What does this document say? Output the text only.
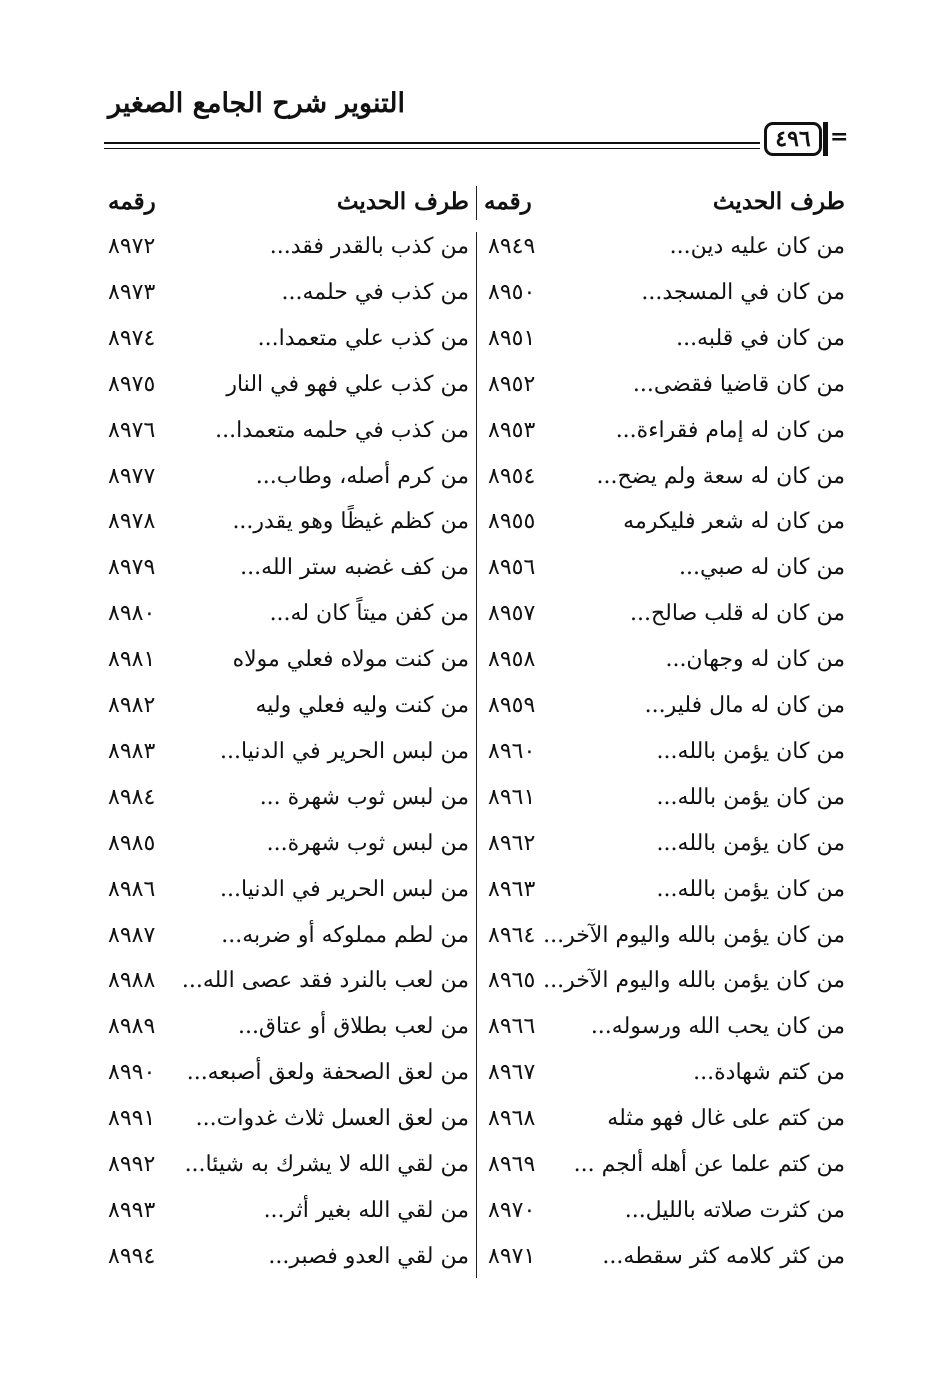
التنوير شرح الجامع الصغير
٤٩٦ =
طرف الحديث
رقمه
طرف الحديث
رقمه
من كان عليه دين...
٨٩٤٩
من كذب بالقدر فقد...
٨٩٧٢
من كان في المسجد...
٨٩٥٠
من كذب في حلمه...
٨٩٧٣
من كان في قلبه...
٨٩٥١
من كذب علي متعمدا...
٨٩٧٤
من كان قاضيا فقضى...
٨٩٥٢
من كذب علي فهو في النار
٨٩٧٥
من كان له إمام فقراءة...
٨٩٥٣
من كذب في حلمه متعمدا...
٨٩٧٦
من كان له سعة ولم يضح...
٨٩٥٤
من كرم أصله، وطاب...
٨٩٧٧
من كان له شعر فليكرمه
٨٩٥٥
من كظم غيظًا وهو يقدر...
٨٩٧٨
من كان له صبي...
٨٩٥٦
من كف غضبه ستر الله...
٨٩٧٩
من كان له قلب صالح...
٨٩٥٧
من كفن ميتاً كان له...
٨٩٨٠
من كان له وجهان...
٨٩٥٨
من كنت مولاه فعلي مولاه
٨٩٨١
من كان له مال فلير...
٨٩٥٩
من كنت وليه فعلي وليه
٨٩٨٢
من كان يؤمن بالله...
٨٩٦٠
من لبس الحرير في الدنيا...
٨٩٨٣
من كان يؤمن بالله...
٨٩٦١
من لبس ثوب شهرة ...
٨٩٨٤
من كان يؤمن بالله...
٨٩٦٢
من لبس ثوب شهرة...
٨٩٨٥
من كان يؤمن بالله...
٨٩٦٣
من لبس الحرير في الدنيا...
٨٩٨٦
من كان يؤمن بالله واليوم الآخر...
٨٩٦٤
من لطم مملوكه أو ضربه...
٨٩٨٧
من كان يؤمن بالله واليوم الآخر...
٨٩٦٥
من لعب بالنرد فقد عصى الله...
٨٩٨٨
من كان يحب الله ورسوله...
٨٩٦٦
من لعب بطلاق أو عتاق...
٨٩٨٩
من كتم شهادة...
٨٩٦٧
من لعق الصحفة ولعق أصبعه...
٨٩٩٠
من كتم على غال فهو مثله
٨٩٦٨
من لعق العسل ثلاث غدوات...
٨٩٩١
من كتم علما عن أهله ألجم ...
٨٩٦٩
من لقي الله لا يشرك به شيئا...
٨٩٩٢
من كثرت صلاته بالليل...
٨٩٧٠
من لقي الله بغير أثر...
٨٩٩٣
من كثر كلامه كثر سقطه...
٨٩٧١
من لقي العدو فصبر...
٨٩٩٤
